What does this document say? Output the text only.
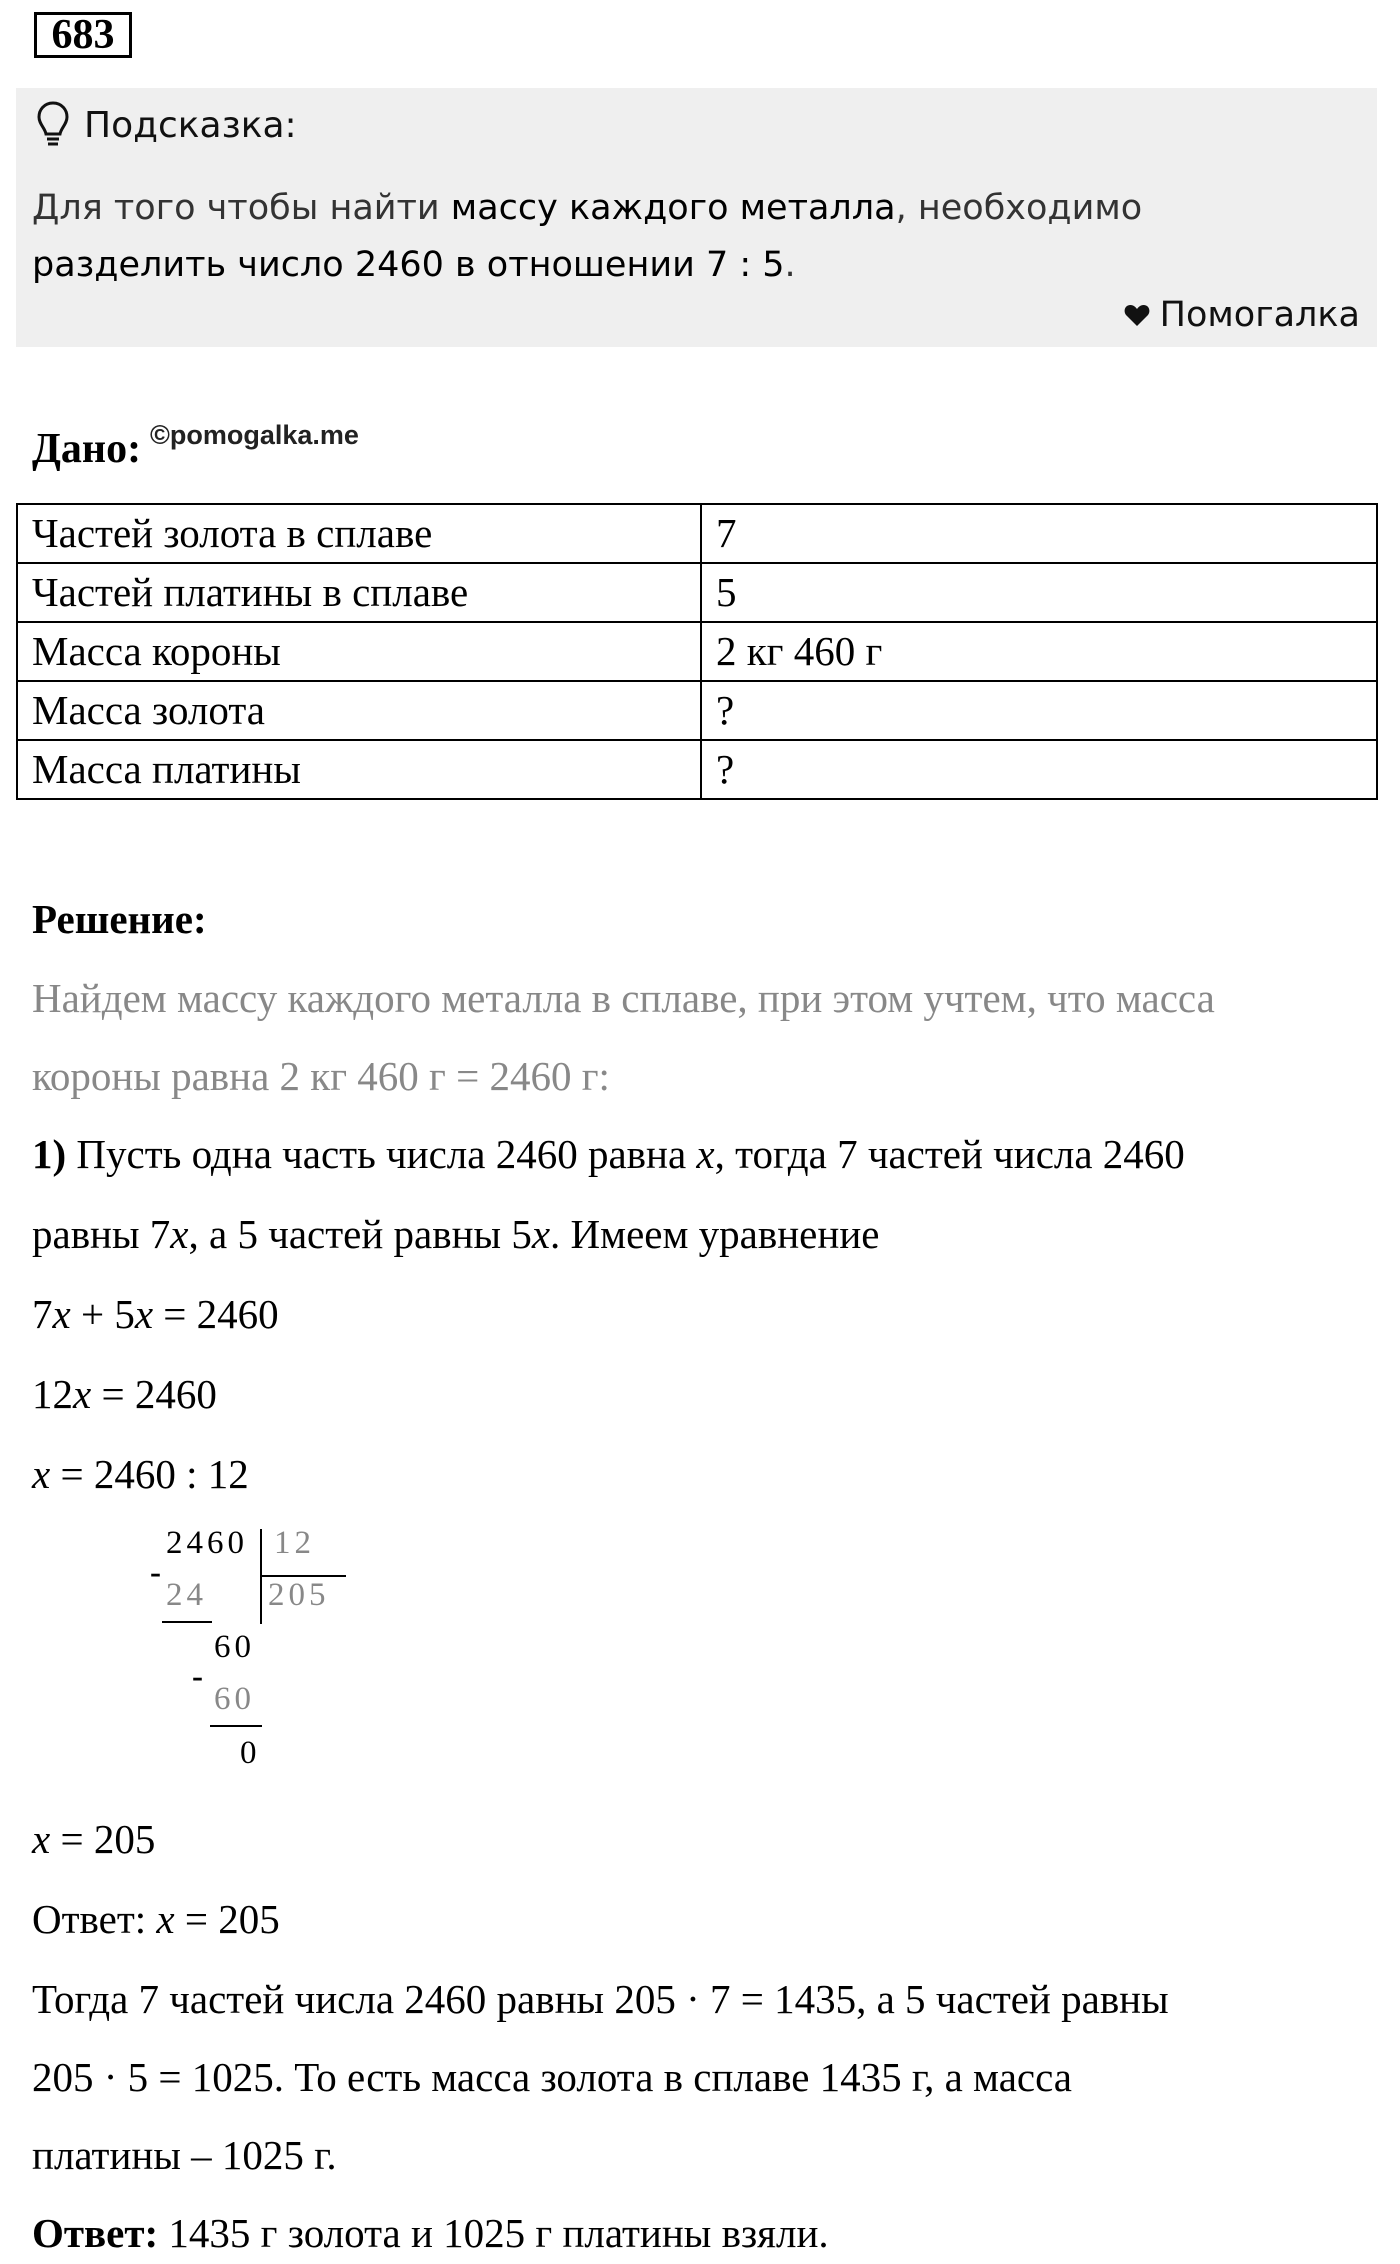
683
Подсказка:
Для того чтобы найти массу каждого металла, необходимо
разделить число 2460 в отношении 7 : 5.
Помогалка
Дано: ©pomogalka.me
Частей золота в сплаве	7
Частей платины в сплаве	5
Масса короны	2 кг 460 г
Масса золота	?
Масса платины	?
Решение:
Найдем массу каждого металла в сплаве, при этом учтем, что масса
короны равна 2 кг 460 г = 2460 г:
1) Пусть одна часть числа 2460 равна x, тогда 7 частей числа 2460
равны 7x, а 5 частей равны 5x. Имеем уравнение
7x + 5x = 2460
12x = 2460
x = 2460 : 12
2460 12
205
24
-
60
-
60
0
x = 205
Ответ: x = 205
Тогда 7 частей числа 2460 равны 205 · 7 = 1435, а 5 частей равны
205 · 5 = 1025. То есть масса золота в сплаве 1435 г, а масса
платины – 1025 г.
Ответ: 1435 г золота и 1025 г платины взяли.
